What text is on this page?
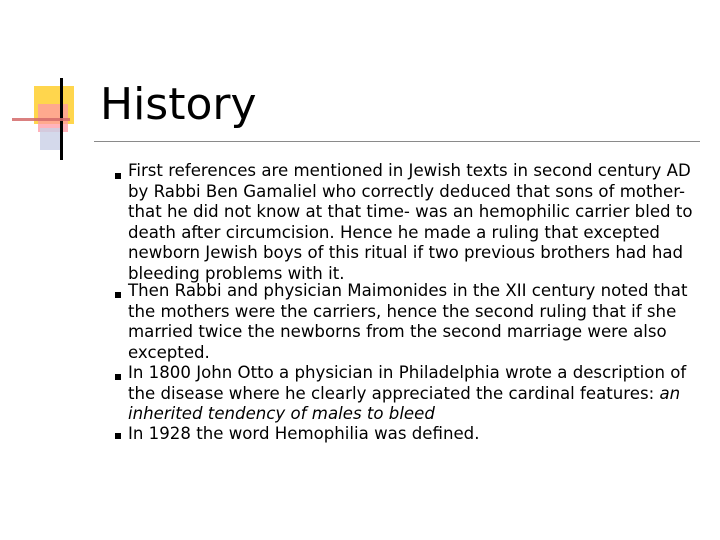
History
First references are mentioned in Jewish texts in second century AD by Rabbi Ben Gamaliel who correctly deduced that sons of mother- that he did not know at that time- was an hemophilic carrier bled to death after circumcision. Hence he made a ruling that excepted newborn Jewish boys of this ritual if two previous brothers had had bleeding problems with it.
Then Rabbi and physician Maimonides in the XII century noted that the mothers were the carriers, hence the second ruling that if she married twice the newborns from the second marriage were also excepted.
In 1800 John Otto a physician in Philadelphia wrote a description of the disease where he clearly appreciated the cardinal features: an inherited tendency of males to bleed
In 1928 the word Hemophilia was defined.
